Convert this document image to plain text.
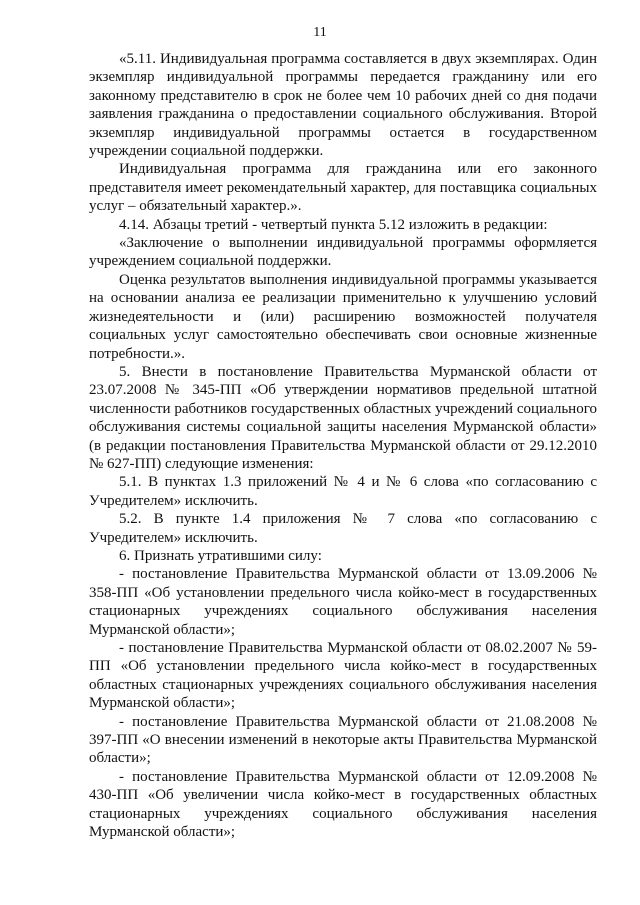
11

«5.11. Индивидуальная программа составляется в двух экземплярах. Один экземпляр индивидуальной программы передается гражданину или его законному представителю в срок не более чем 10 рабочих дней со дня подачи заявления гражданина о предоставлении социального обслуживания. Второй экземпляр индивидуальной программы остается в государственном учреждении социальной поддержки.

Индивидуальная программа для гражданина или его законного представителя имеет рекомендательный характер, для поставщика социальных услуг – обязательный характер.».

4.14. Абзацы третий - четвертый пункта 5.12 изложить в редакции:

«Заключение о выполнении индивидуальной программы оформляется учреждением социальной поддержки.

Оценка результатов выполнения индивидуальной программы указывается на основании анализа ее реализации применительно к улучшению условий жизнедеятельности и (или) расширению возможностей получателя социальных услуг самостоятельно обеспечивать свои основные жизненные потребности.».

5. Внести в постановление Правительства Мурманской области от 23.07.2008 № 345-ПП «Об утверждении нормативов предельной штатной численности работников государственных областных учреждений социального обслуживания системы социальной защиты населения Мурманской области» (в редакции постановления Правительства Мурманской области от 29.12.2010 № 627-ПП) следующие изменения:

5.1. В пунктах 1.3 приложений № 4 и № 6 слова «по согласованию с Учредителем» исключить.

5.2. В пункте 1.4 приложения № 7 слова «по согласованию с Учредителем» исключить.

6. Признать утратившими силу:

- постановление Правительства Мурманской области от 13.09.2006 № 358-ПП «Об установлении предельного числа койко-мест в государственных стационарных учреждениях социального обслуживания населения Мурманской области»;

- постановление Правительства Мурманской области от 08.02.2007 № 59-ПП «Об установлении предельного числа койко-мест в государственных областных стационарных учреждениях социального обслуживания населения Мурманской области»;

- постановление Правительства Мурманской области от 21.08.2008 № 397-ПП «О внесении изменений в некоторые акты Правительства Мурманской области»;

- постановление Правительства Мурманской области от 12.09.2008 № 430-ПП «Об увеличении числа койко-мест в государственных областных стационарных учреждениях социального обслуживания населения Мурманской области»;
